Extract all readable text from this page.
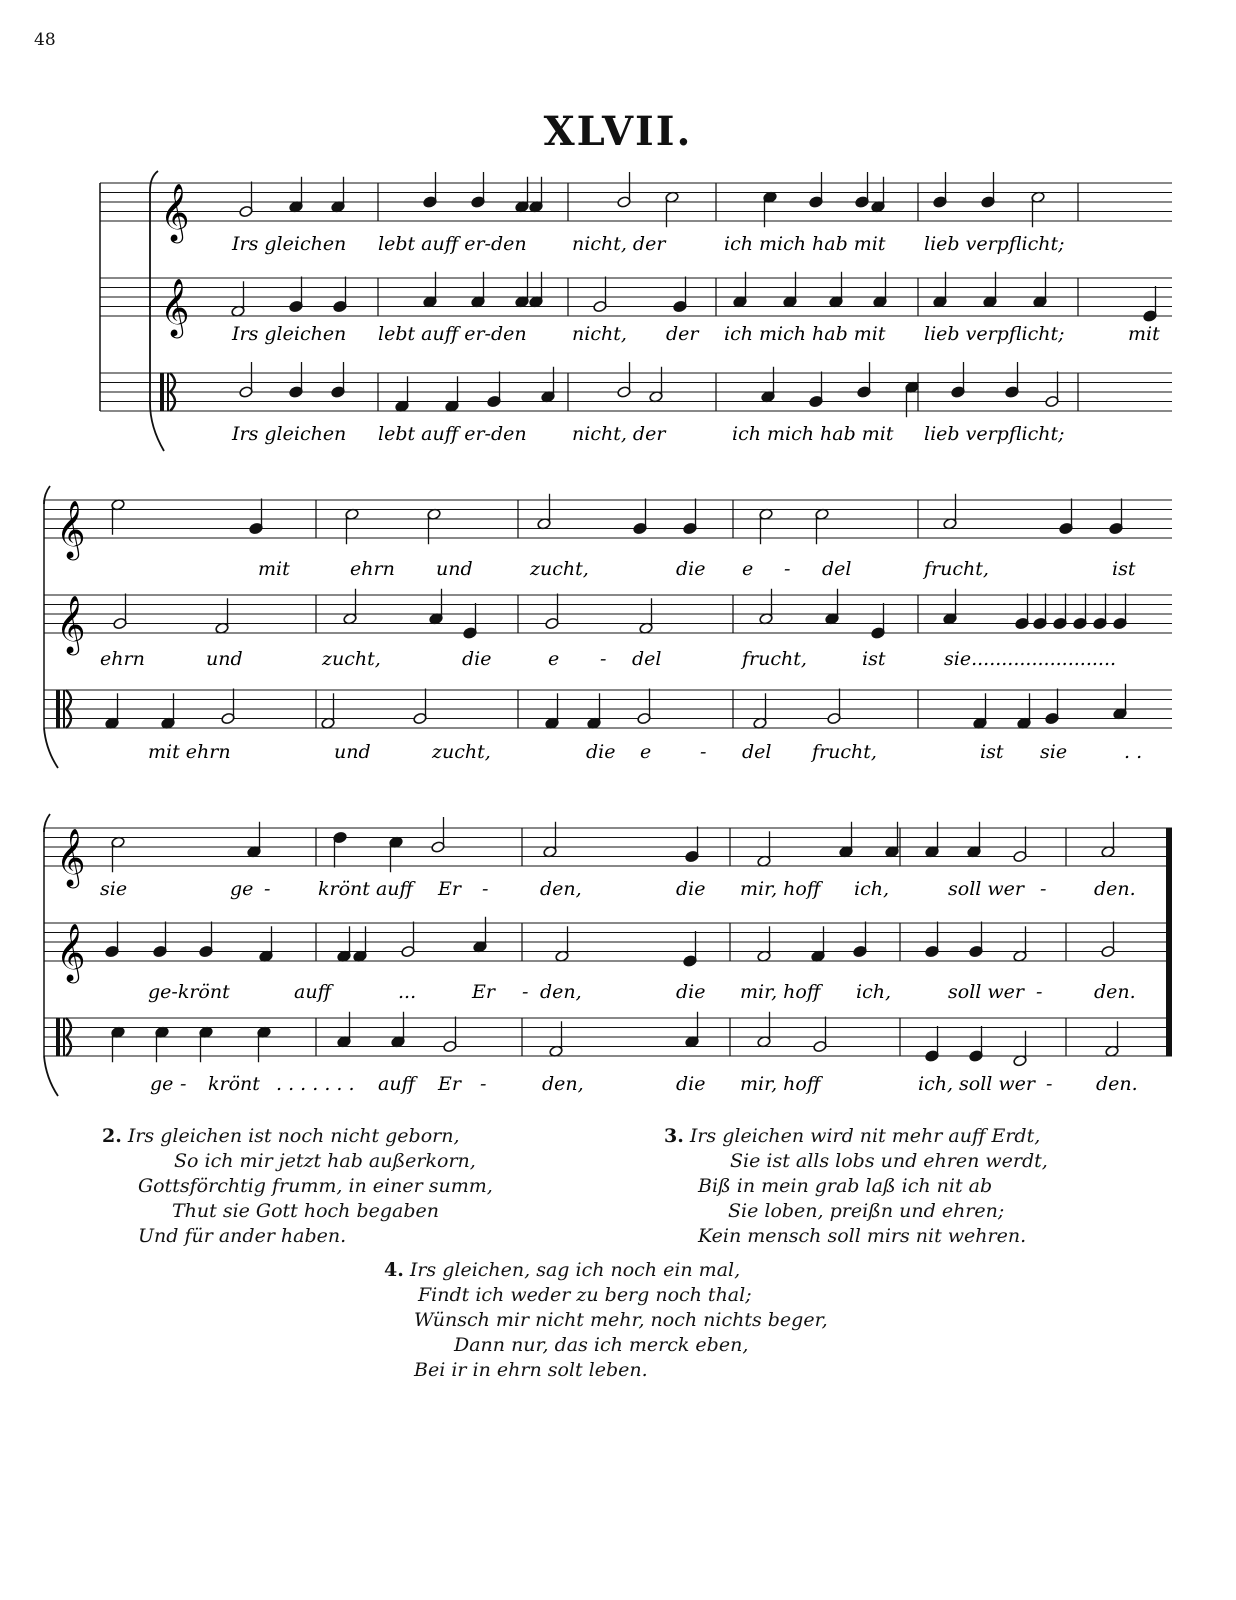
48
XLVII.
𝄞
Irs gleichen lebt auff er-den nicht, der	ich mich hab mit lieb verpflicht;
𝄞 Irs gleichen lebt auff er-den nicht, der ich mich hab mit lieb verpflicht;	mit
Irs gleichen lebt auff er-den nicht, der	ich mich hab mit lieb verpflicht;
𝄞
mit	ehrn und	zucht,	die e - del	frucht,	ist
𝄞
ehrn	und	zucht,	die	e - del	frucht,	ist	sie........................
mit ehrn	und	zucht,	die e	- del frucht,	ist sie	. .
𝄞
sie	ge -	krönt auff Er -	den,	die mir, hoff ich,	soll wer -	den.
𝄞
ge-krönt	auff	...	Er - den,	die mir, hoff ich,	soll wer -	den.
ge - krönt . . . . . . . auff Er -	den,	die mir, hoff	ich, soll wer - den.
2. Irs gleichen ist noch nicht geborn,
So ich mir jetzt hab außerkorn,
Gottsförchtig frumm, in einer summ,
Thut sie Gott hoch begaben
Und für ander haben.
3. Irs gleichen wird nit mehr auff Erdt,
Sie ist alls lobs und ehren werdt,
Biß in mein grab laß ich nit ab
Sie loben, preißn und ehren;
Kein mensch soll mirs nit wehren.
4. Irs gleichen, sag ich noch ein mal,
Findt ich weder zu berg noch thal;
Wünsch mir nicht mehr, noch nichts beger,
Dann nur, das ich merck eben,
Bei ir in ehrn solt leben.
